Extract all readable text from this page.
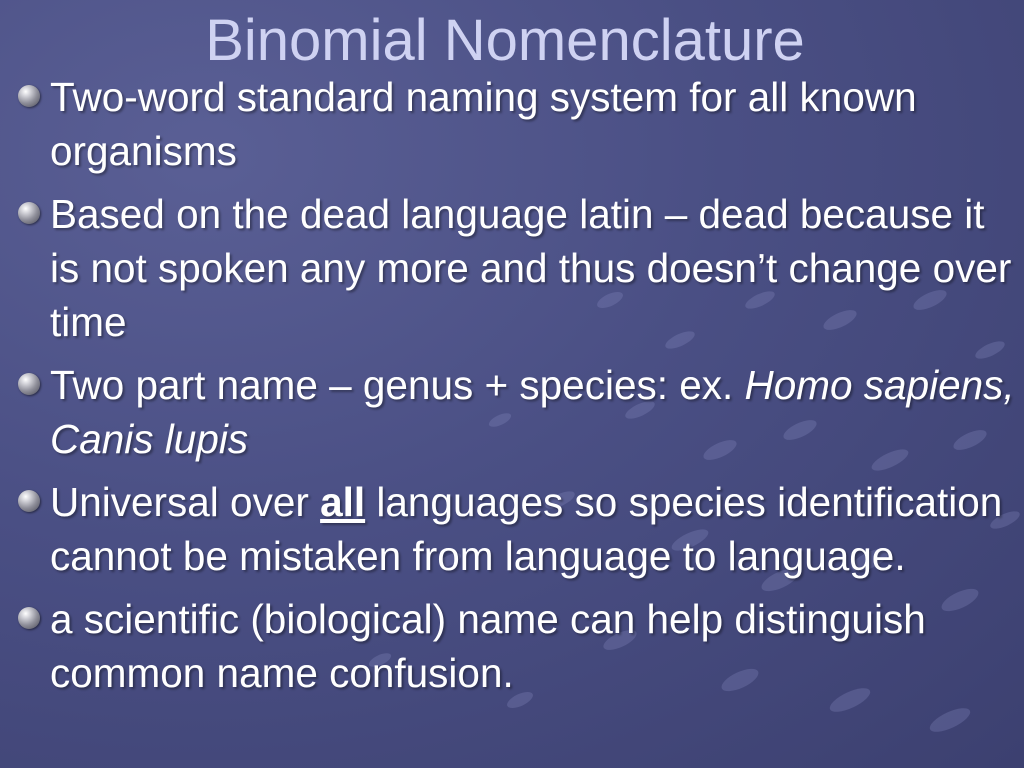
Binomial Nomenclature
Two-word standard naming system for all known organisms
Based on the dead language latin – dead because it is not spoken any more and thus doesn’t change over time
Two part name – genus + species: ex. Homo sapiens, Canis lupis
Universal over all languages so species identification cannot be mistaken from language to language.
a scientific (biological) name can help distinguish common name confusion.
